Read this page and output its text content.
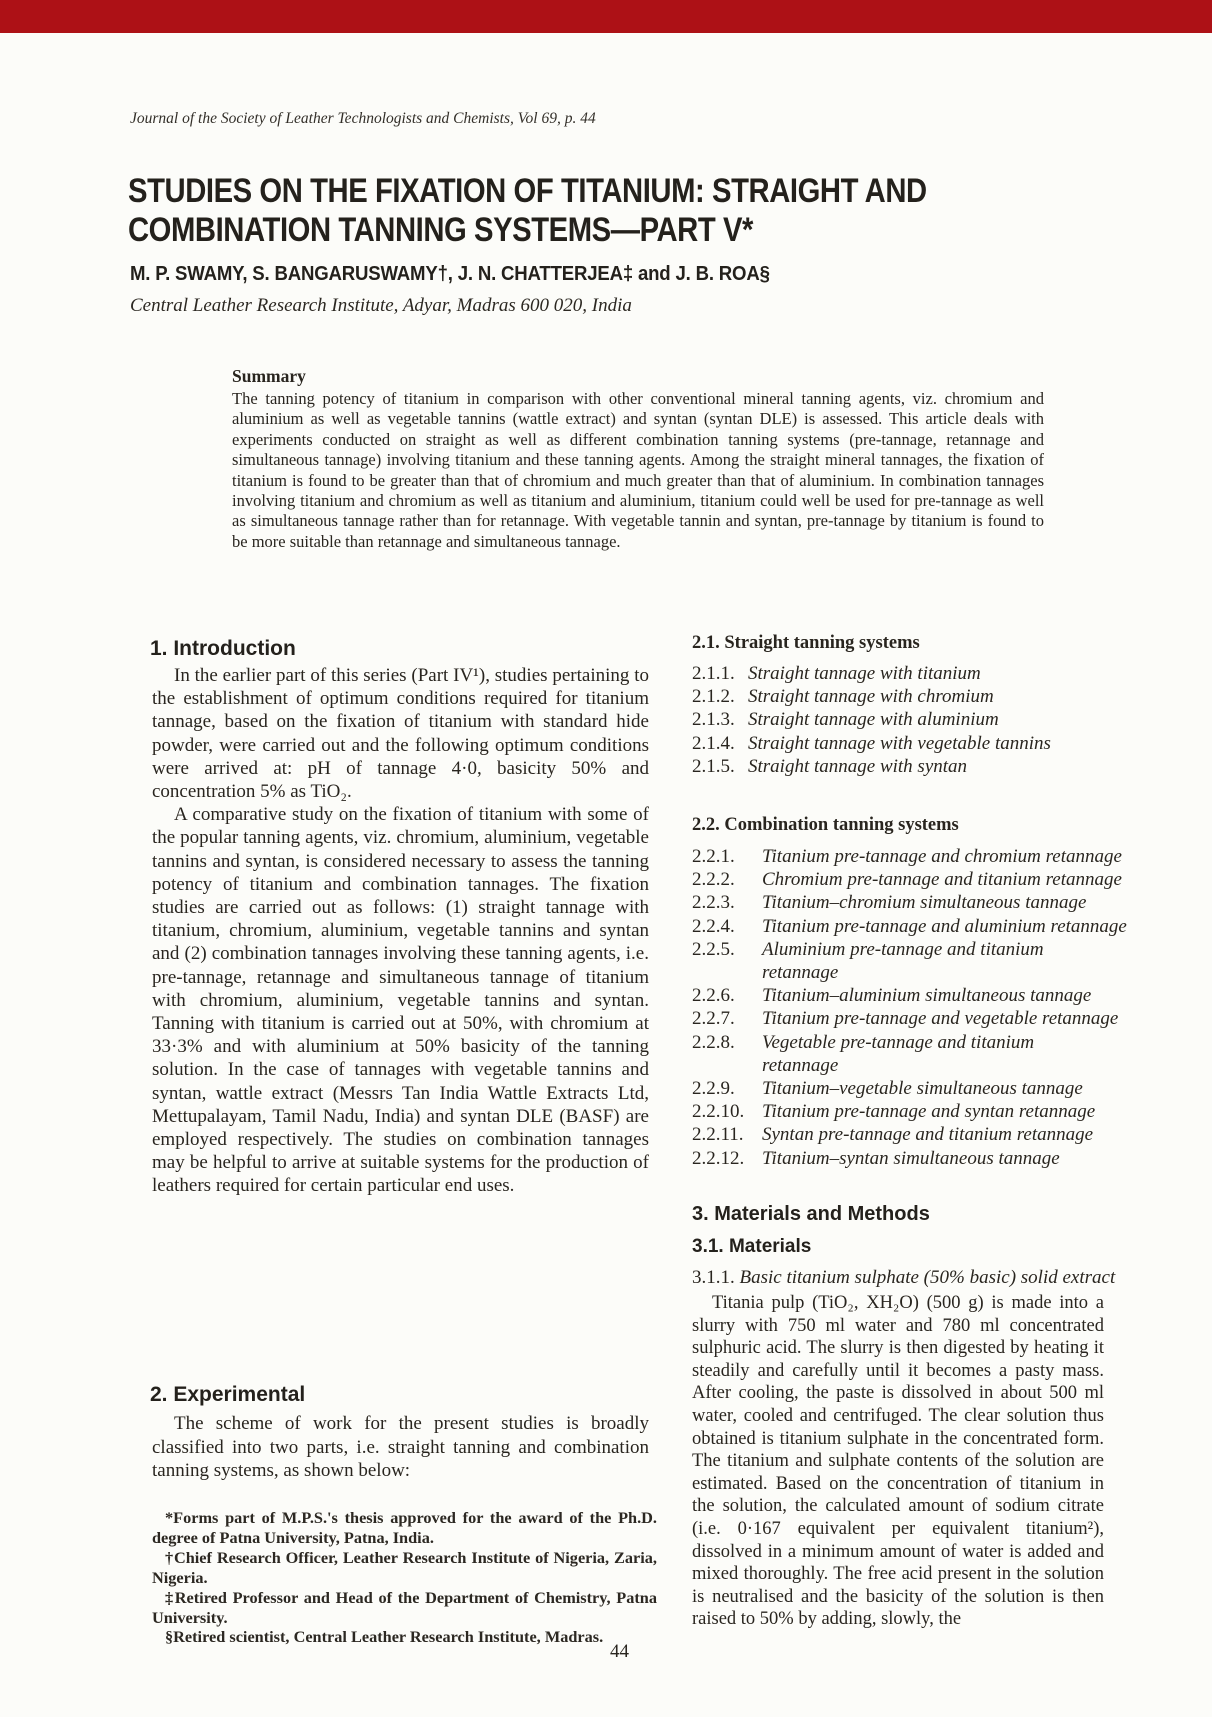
Journal of the Society of Leather Technologists and Chemists, Vol 69, p. 44
STUDIES ON THE FIXATION OF TITANIUM: STRAIGHT AND
COMBINATION TANNING SYSTEMS—PART V*
M. P. SWAMY, S. BANGARUSWAMY†, J. N. CHATTERJEA‡ and J. B. ROA§
Central Leather Research Institute, Adyar, Madras 600 020, India

Summary

The tanning potency of titanium in comparison with other conventional mineral tanning agents, viz. chromium and aluminium as well as vegetable tannins (wattle extract) and syntan (syntan DLE) is assessed. This article deals with experiments conducted on straight as well as different combination tanning systems (pre-tannage, retannage and simultaneous tannage) involving titanium and these tanning agents. Among the straight mineral tannages, the fixation of titanium is found to be greater than that of chromium and much greater than that of aluminium. In combination tannages involving titanium and chromium as well as titanium and aluminium, titanium could well be used for pre-tannage as well as simultaneous tannage rather than for retannage. With vegetable tannin and syntan, pre-tannage by titanium is found to be more suitable than retannage and simultaneous tannage.

1. Introduction

In the earlier part of this series (Part IV¹), studies pertaining to the establishment of optimum conditions required for titanium tannage, based on the fixation of titanium with standard hide powder, were carried out and the following optimum conditions were arrived at: pH of tannage 4·0, basicity 50% and concentration 5% as TiO₂.

A comparative study on the fixation of titanium with some of the popular tanning agents, viz. chromium, aluminium, vegetable tannins and syntan, is considered necessary to assess the tanning potency of titanium and combination tannages. The fixation studies are carried out as follows: (1) straight tannage with titanium, chromium, aluminium, vegetable tannins and syntan and (2) combination tannages involving these tanning agents, i.e. pre-tannage, retannage and simultaneous tannage of titanium with chromium, aluminium, vegetable tannins and syntan. Tanning with titanium is carried out at 50%, with chromium at 33·3% and with aluminium at 50% basicity of the tanning solution. In the case of tannages with vegetable tannins and syntan, wattle extract (Messrs Tan India Wattle Extracts Ltd, Mettupalayam, Tamil Nadu, India) and syntan DLE (BASF) are employed respectively. The studies on combination tannages may be helpful to arrive at suitable systems for the production of leathers required for certain particular end uses.

2. Experimental

The scheme of work for the present studies is broadly classified into two parts, i.e. straight tanning and combination tanning systems, as shown below:

*Forms part of M.P.S.'s thesis approved for the award of the Ph.D. degree of Patna University, Patna, India.

†Chief Research Officer, Leather Research Institute of Nigeria, Zaria, Nigeria.

‡Retired Professor and Head of the Department of Chemistry, Patna University.

§Retired scientist, Central Leather Research Institute, Madras.

2.1. Straight tanning systems
2.1.1. Straight tannage with titanium
2.1.2. Straight tannage with chromium
2.1.3. Straight tannage with aluminium
2.1.4. Straight tannage with vegetable tannins
2.1.5. Straight tannage with syntan
2.2. Combination tanning systems
2.2.1.	Titanium pre-tannage and chromium retannage
2.2.2.	Chromium pre-tannage and titanium retannage
2.2.3.	Titanium–chromium simultaneous tannage
2.2.4.	Titanium pre-tannage and aluminium retannage
2.2.5.	Aluminium pre-tannage and titanium
retannage
2.2.6.	Titanium–aluminium simultaneous tannage
2.2.7.	Titanium pre-tannage and vegetable retannage
2.2.8.	Vegetable pre-tannage and titanium
retannage
2.2.9.	Titanium–vegetable simultaneous tannage
2.2.10. Titanium pre-tannage and syntan retannage
2.2.11. Syntan pre-tannage and titanium retannage
2.2.12. Titanium–syntan simultaneous tannage
3. Materials and Methods
3.1. Materials
3.1.1. Basic titanium sulphate (50% basic) solid extract
Titania pulp (TiO₂, XH₂O) (500 g) is made into a slurry with 750 ml water and 780 ml concentrated sulphuric acid. The slurry is then digested by heating it steadily and carefully until it becomes a pasty mass. After cooling, the paste is dissolved in about 500 ml water, cooled and centrifuged. The clear solution thus obtained is titanium sulphate in the concentrated form. The titanium and sulphate contents of the solution are estimated. Based on the concentration of titanium in the solution, the calculated amount of sodium citrate (i.e. 0·167 equivalent per equivalent titanium²), dissolved in a minimum amount of water is added and mixed thoroughly. The free acid present in the solution is neutralised and the basicity of the solution is then raised to 50% by adding, slowly, the
44
